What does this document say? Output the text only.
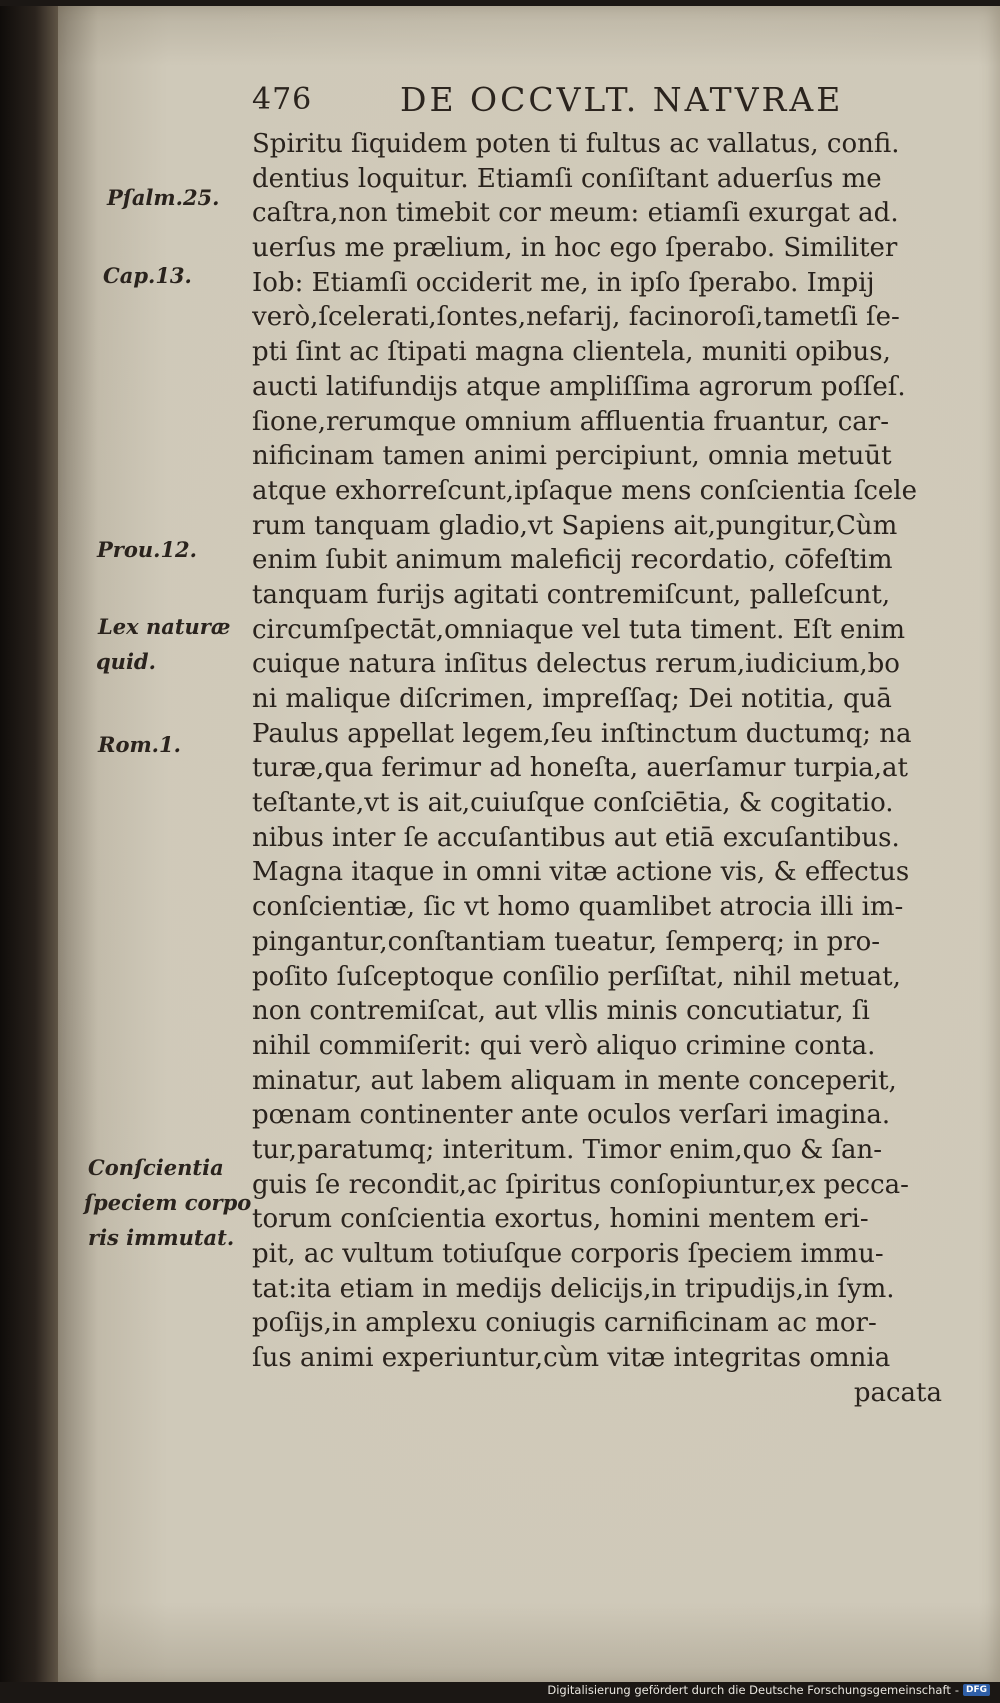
476	DE OCCVLT. NATVRAE
Spiritu ſiquidem poten ti fultus ac vallatus, confi.
dentius loquitur. Etiamſi conſiſtant aduerſus me
caſtra,non timebit cor meum: etiamſi exurgat ad.
uerſus me prælium, in hoc ego ſperabo. Similiter
Iob: Etiamſi occiderit me, in ipſo ſperabo. Impij
verò,ſcelerati,ſontes,nefarij, facinoroſi,tametſi ſe-
pti ſint ac ſtipati magna clientela, muniti opibus,
aucti latifundijs atque ampliſſima agrorum poſſeſ.
ſione,rerumque omnium affluentia fruantur, car-
nificinam tamen animi percipiunt, omnia metuūt
atque exhorreſcunt,ipſaque mens conſcientia ſcele
rum tanquam gladio,vt Sapiens ait,pungitur,Cùm
enim ſubit animum maleficij recordatio, cōfeſtim
tanquam furijs agitati contremiſcunt, palleſcunt,
circumſpectāt,omniaque vel tuta timent. Eſt enim
cuique natura inſitus delectus rerum,iudicium,bo
ni malique diſcrimen, impreſſaq; Dei notitia, quā
Paulus appellat legem,ſeu inſtinctum ductumq; na
turæ,qua ferimur ad honeſta, auerſamur turpia,at
teſtante,vt is ait,cuiuſque conſciētia, & cogitatio.
nibus inter ſe accuſantibus aut etiā excuſantibus.
Magna itaque in omni vitæ actione vis, & effectus
conſcientiæ, ſic vt homo quamlibet atrocia illi im-
pingantur,conſtantiam tueatur, ſemperq; in pro-
poſito ſuſceptoque conſilio perſiſtat, nihil metuat,
non contremiſcat, aut vllis minis concutiatur, ſi
nihil commiſerit: qui verò aliquo crimine conta.
minatur, aut labem aliquam in mente conceperit,
pœnam continenter ante oculos verſari imagina.
tur,paratumq; interitum. Timor enim,quo & ſan-
guis ſe recondit,ac ſpiritus conſopiuntur,ex pecca-
torum conſcientia exortus, homini mentem eri-
pit, ac vultum totiuſque corporis ſpeciem immu-
tat:ita etiam in medijs delicijs,in tripudijs,in ſym.
poſijs,in amplexu coniugis carnificinam ac mor-
ſus animi experiuntur,cùm vitæ integritas omnia
pacata
Pſalm.25.
Cap.13.
Prou.12.
Lex naturæ
quid.
Rom.1.
Conſcientia
ſpeciem corpo
ris immutat.
Digitalisierung gefördert durch die Deutsche Forschungsgemeinschaft - DFG
